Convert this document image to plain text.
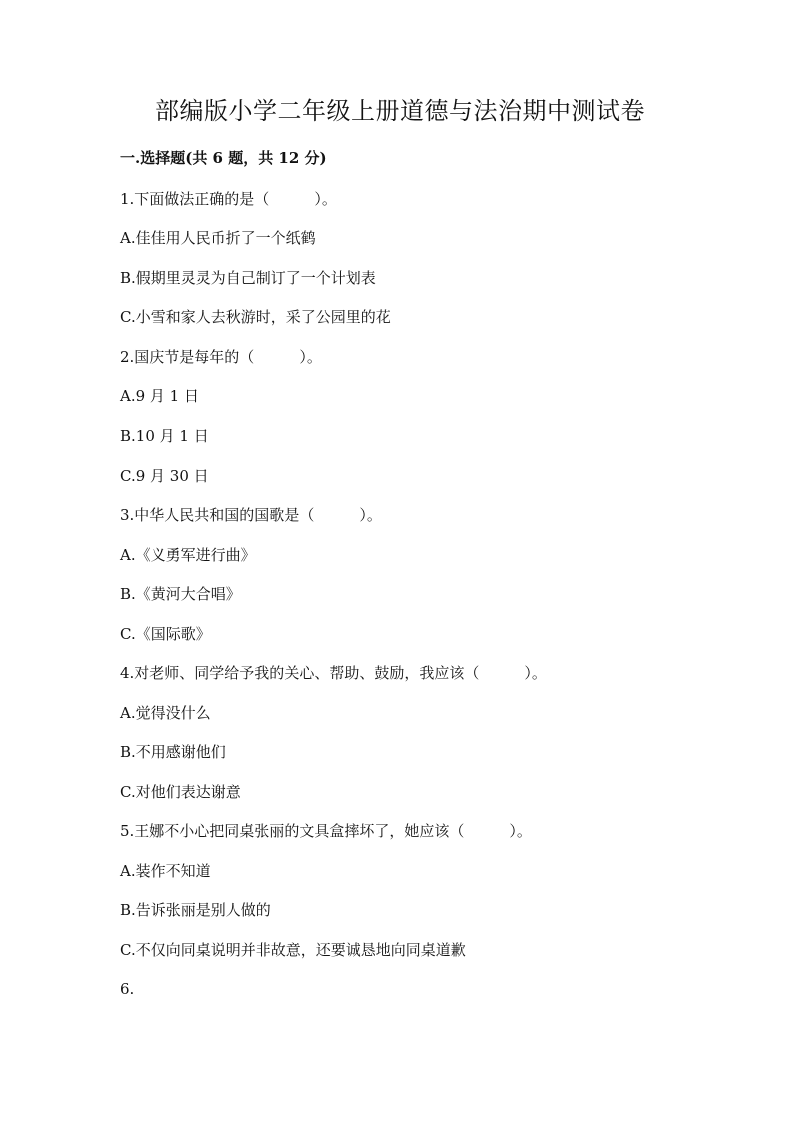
部编版小学二年级上册道德与法治期中测试卷
一.选择题(共 6 题，共 12 分)
1.下面做法正确的是（　　　）。
A.佳佳用人民币折了一个纸鹤
B.假期里灵灵为自己制订了一个计划表
C.小雪和家人去秋游时，采了公园里的花
2.国庆节是每年的（　　　）。
A.9 月 1 日
B.10 月 1 日
C.9 月 30 日
3.中华人民共和国的国歌是（　　　）。
A.《义勇军进行曲》
B.《黄河大合唱》
C.《国际歌》
4.对老师、同学给予我的关心、帮助、鼓励，我应该（　　　）。
A.觉得没什么
B.不用感谢他们
C.对他们表达谢意
5.王娜不小心把同桌张丽的文具盒摔坏了，她应该（　　　）。
A.装作不知道
B.告诉张丽是别人做的
C.不仅向同桌说明并非故意，还要诚恳地向同桌道歉
6.
